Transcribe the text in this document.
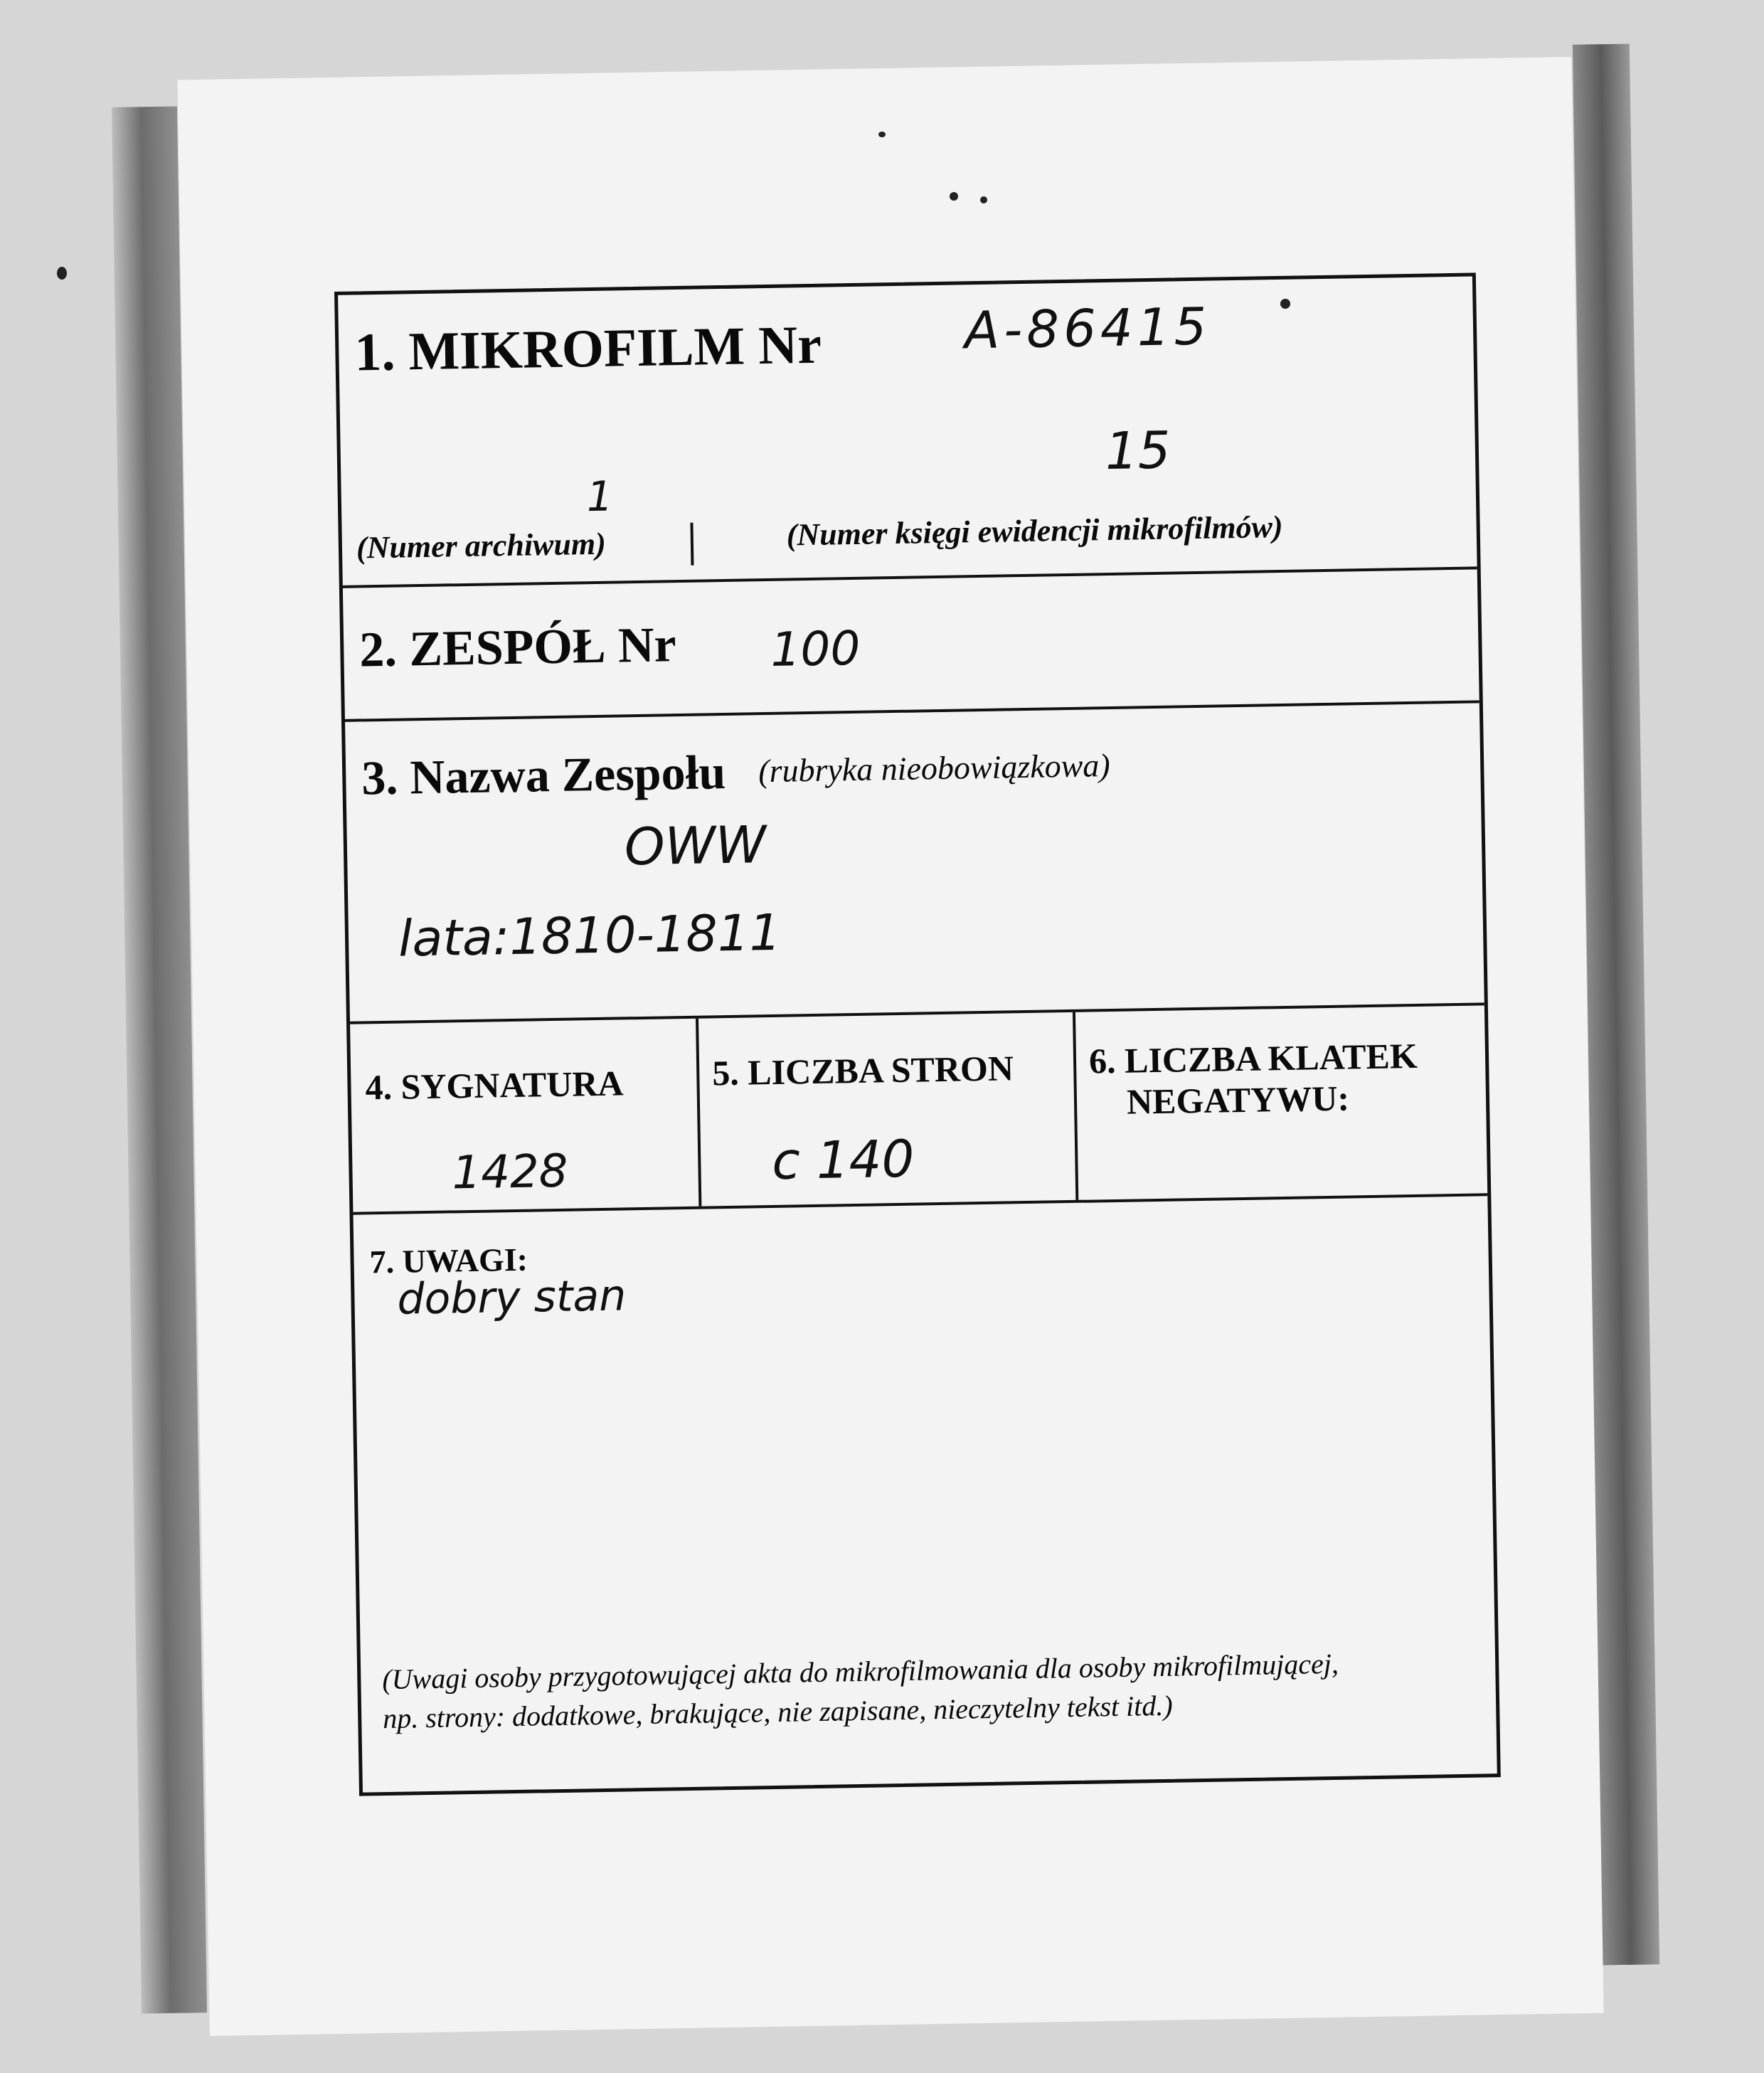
1. MIKROFILM Nr	A-86415
1
15
(Numer archiwum)	(Numer księgi ewidencji mikrofilmów)
2. ZESPÓŁ Nr 100
3. Nazwa Zespołu (rubryka nieobowiązkowa)
OWW
lata:1810-1811
4. SYGNATURA
1428
5. LICZBA STRON
c 140
6. LICZBA KLATEK
NEGATYWU:
7. UWAGI:
dobry stan
(Uwagi osoby przygotowującej akta do mikrofilmowania dla osoby mikrofilmującej,
np. strony: dodatkowe, brakujące, nie zapisane, nieczytelny tekst itd.)
